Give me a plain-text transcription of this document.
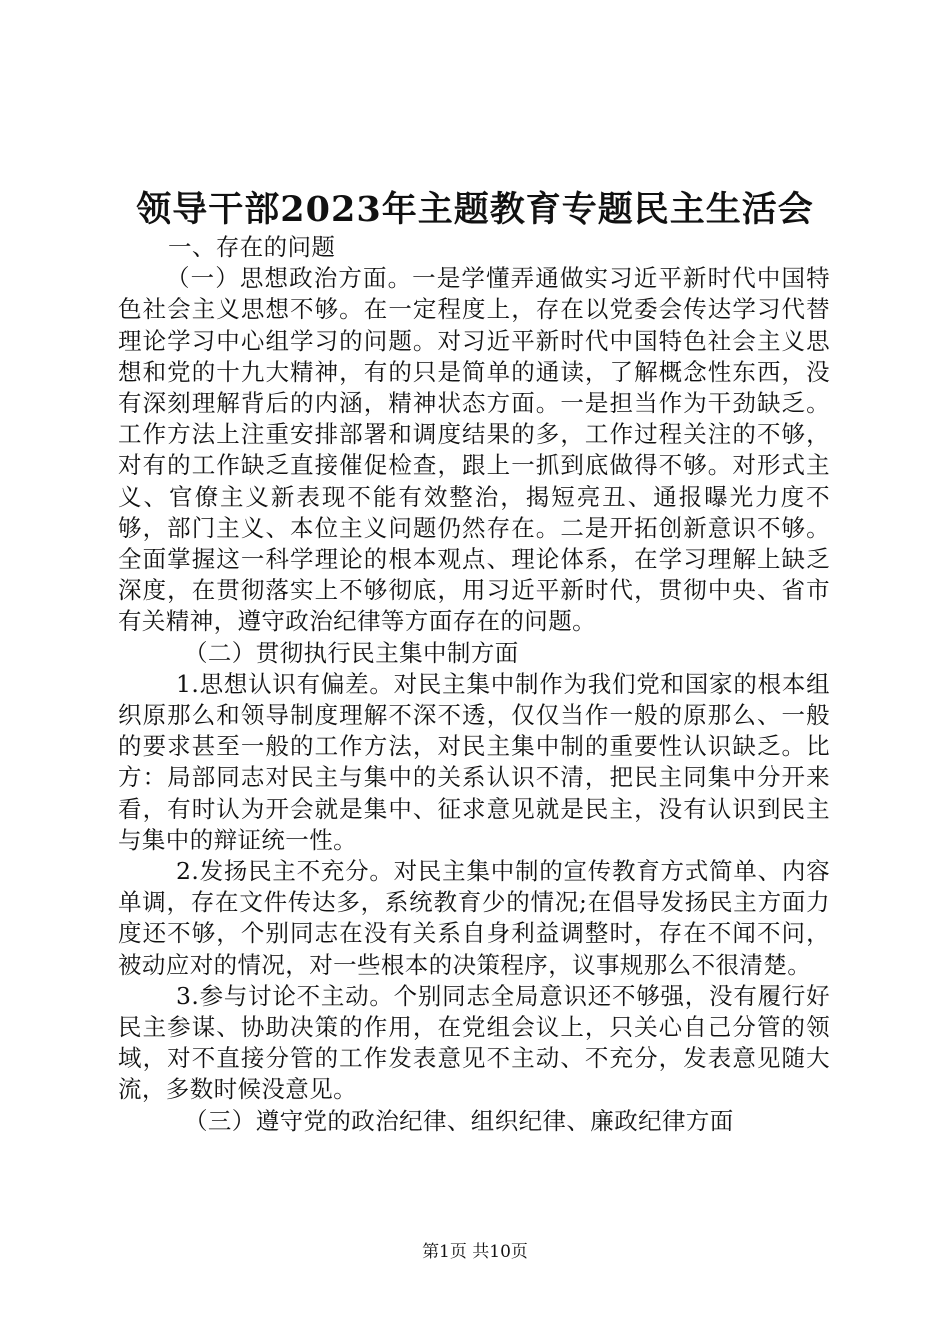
领导干部2023年主题教育专题民主生活会

一、存在的问题

（一）思想政治方面。一是学懂弄通做实习近平新时代中国特色社会主义思想不够。在一定程度上，存在以党委会传达学习代替理论学习中心组学习的问题。对习近平新时代中国特色社会主义思想和党的十九大精神，有的只是简单的通读，了解概念性东西，没有深刻理解背后的内涵，精神状态方面。一是担当作为干劲缺乏。工作方法上注重安排部署和调度结果的多，工作过程关注的不够，对有的工作缺乏直接催促检查，跟上一抓到底做得不够。对形式主义、官僚主义新表现不能有效整治，揭短亮丑、通报曝光力度不够，部门主义、本位主义问题仍然存在。二是开拓创新意识不够。全面掌握这一科学理论的根本观点、理论体系，在学习理解上缺乏深度，在贯彻落实上不够彻底，用习近平新时代，贯彻中央、省市有关精神，遵守政治纪律等方面存在的问题。

（二）贯彻执行民主集中制方面

1.思想认识有偏差。对民主集中制作为我们党和国家的根本组织原那么和领导制度理解不深不透，仅仅当作一般的原那么、一般的要求甚至一般的工作方法，对民主集中制的重要性认识缺乏。比方：局部同志对民主与集中的关系认识不清，把民主同集中分开来看，有时认为开会就是集中、征求意见就是民主，没有认识到民主与集中的辩证统一性。

2.发扬民主不充分。对民主集中制的宣传教育方式简单、内容单调，存在文件传达多，系统教育少的情况;在倡导发扬民主方面力度还不够，个别同志在没有关系自身利益调整时，存在不闻不问，被动应对的情况，对一些根本的决策程序，议事规那么不很清楚。

3.参与讨论不主动。个别同志全局意识还不够强，没有履行好民主参谋、协助决策的作用，在党组会议上，只关心自己分管的领域，对不直接分管的工作发表意见不主动、不充分，发表意见随大流，多数时候没意见。

（三）遵守党的政治纪律、组织纪律、廉政纪律方面

第1页 共10页
